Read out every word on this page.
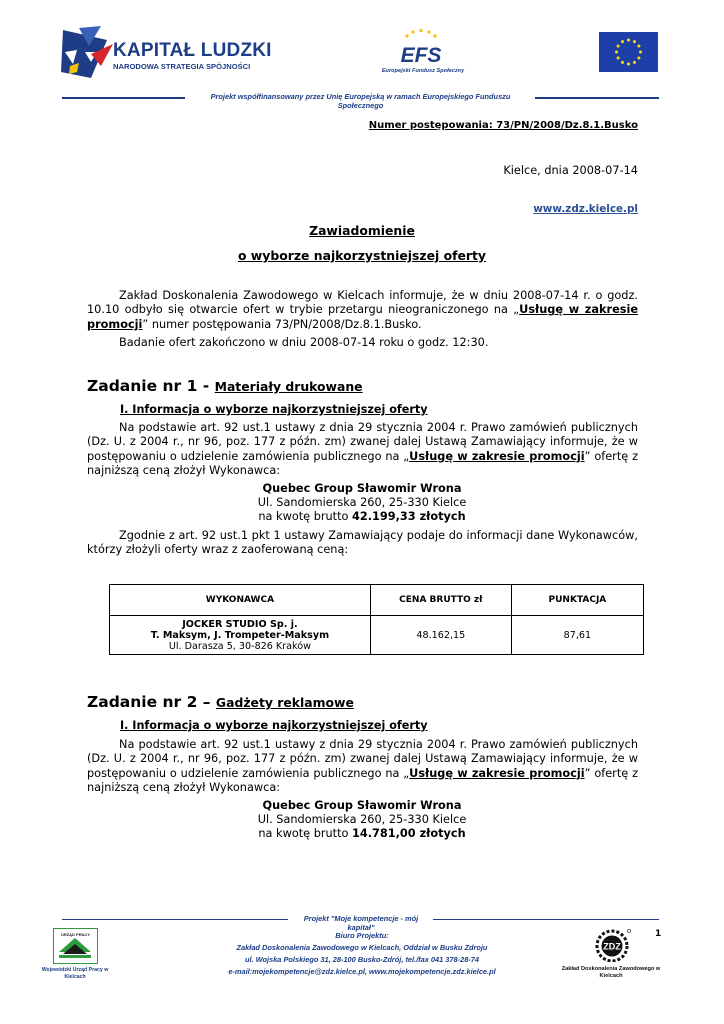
KAPITAŁ LUDZKI
NARODOWA STRATEGIA SPÓJNOŚCI	EFS
Europejski Fundusz Społeczny
Projekt współfinansowany przez Unię Europejską w ramach Europejskiego Funduszu Społecznego
Numer postępowania: 73/PN/2008/Dz.8.1.Busko
Kielce, dnia 2008-07-14
www.zdz.kielce.pl
Zawiadomienie
o wyborze najkorzystniejszej oferty
Zakład Doskonalenia Zawodowego w Kielcach informuje, że w dniu 2008-07-14 r. o godz. 10.10 odbyło się otwarcie ofert w trybie przetargu nieograniczonego na „Usługę w zakresie promocji” numer postępowania 73/PN/2008/Dz.8.1.Busko.
Badanie ofert zakończono w dniu 2008-07-14 roku o godz. 12:30.
Zadanie nr 1 - Materiały drukowane
I. Informacja o wyborze najkorzystniejszej oferty
Na podstawie art. 92 ust.1 ustawy z dnia 29 stycznia 2004 r. Prawo zamówień publicznych (Dz. U. z 2004 r., nr 96, poz. 177 z późn. zm) zwanej dalej Ustawą Zamawiający informuje, że w postępowaniu o udzielenie zamówienia publicznego na „Usługę w zakresie promocji” ofertę z najniższą ceną złożył Wykonawca:
Quebec Group Sławomir Wrona
Ul. Sandomierska 260, 25-330 Kielce
na kwotę brutto 42.199,33 złotych
Zgodnie z art. 92 ust.1 pkt 1 ustawy Zamawiający podaje do informacji dane Wykonawców, którzy złożyli oferty wraz z zaoferowaną ceną:
WYKONAWCA	CENA BRUTTO zł	PUNKTACJA

JOCKER STUDIO Sp. j.
T. Maksym, J. Trompeter-Maksym
Ul. Darasza 5, 30-826 Kraków	48.162,15	87,61
Zadanie nr 2 – Gadżety reklamowe
I. Informacja o wyborze najkorzystniejszej oferty
Na podstawie art. 92 ust.1 ustawy z dnia 29 stycznia 2004 r. Prawo zamówień publicznych (Dz. U. z 2004 r., nr 96, poz. 177 z późn. zm) zwanej dalej Ustawą Zamawiający informuje, że w postępowaniu o udzielenie zamówienia publicznego na „Usługę w zakresie promocji” ofertę z najniższą ceną złożył Wykonawca:
Quebec Group Sławomir Wrona
Ul. Sandomierska 260, 25-330 Kielce
na kwotę brutto 14.781,00 złotych
Projekt "Moje kompetencje - mój kapitał"
Biuro Projektu:
Zakład Doskonalenia Zawodowego w Kielcach, Oddział w Busku Zdroju
ul. Wojska Polskiego 31, 28-100 Busko-Zdrój, tel./fax 041 378-28-74
e-mail:mojekompetencje@zdz.kielce.pl, www.mojekompetencje.zdz.kielce.pl
URZĄD PRACY
Wojewódzki Urząd Pracy w Kielcach
1
ZDZ
Zakład Doskonalenia Zawodowego w Kielcach
